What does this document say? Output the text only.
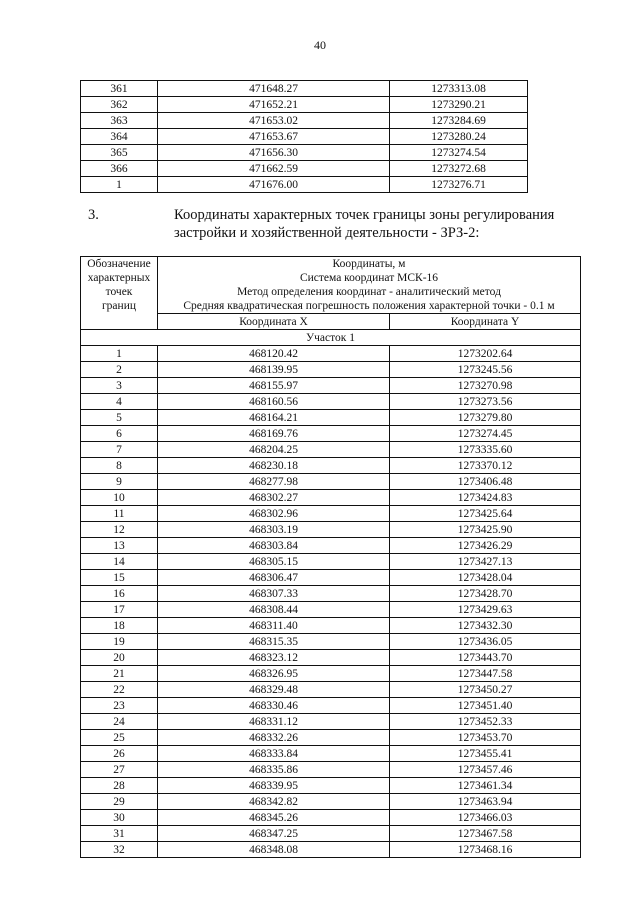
40
361	471648.27	1273313.08
362	471652.21	1273290.21
363	471653.02	1273284.69
364	471653.67	1273280.24
365	471656.30	1273274.54
366	471662.59	1273272.68
1	471676.00	1273276.71
3.	Координаты характерных точек границы зоны регулирования
застройки и хозяйственной деятельности - ЗРЗ-2:
Обозначение
характерных
точек
границ	Координаты, м
Система координат МСК-16
Метод определения координат - аналитический метод
Средняя квадратическая погрешность положения характерной точки - 0.1 м	

	Координата X	Координата Y
Участок 1		
1	468120.42	1273202.64
2	468139.95	1273245.56
3	468155.97	1273270.98
4	468160.56	1273273.56
5	468164.21	1273279.80
6	468169.76	1273274.45
7	468204.25	1273335.60
8	468230.18	1273370.12
9	468277.98	1273406.48
10	468302.27	1273424.83
11	468302.96	1273425.64
12	468303.19	1273425.90
13	468303.84	1273426.29
14	468305.15	1273427.13
15	468306.47	1273428.04
16	468307.33	1273428.70
17	468308.44	1273429.63
18	468311.40	1273432.30
19	468315.35	1273436.05
20	468323.12	1273443.70
21	468326.95	1273447.58
22	468329.48	1273450.27
23	468330.46	1273451.40
24	468331.12	1273452.33
25	468332.26	1273453.70
26	468333.84	1273455.41
27	468335.86	1273457.46
28	468339.95	1273461.34
29	468342.82	1273463.94
30	468345.26	1273466.03
31	468347.25	1273467.58
32	468348.08	1273468.16
